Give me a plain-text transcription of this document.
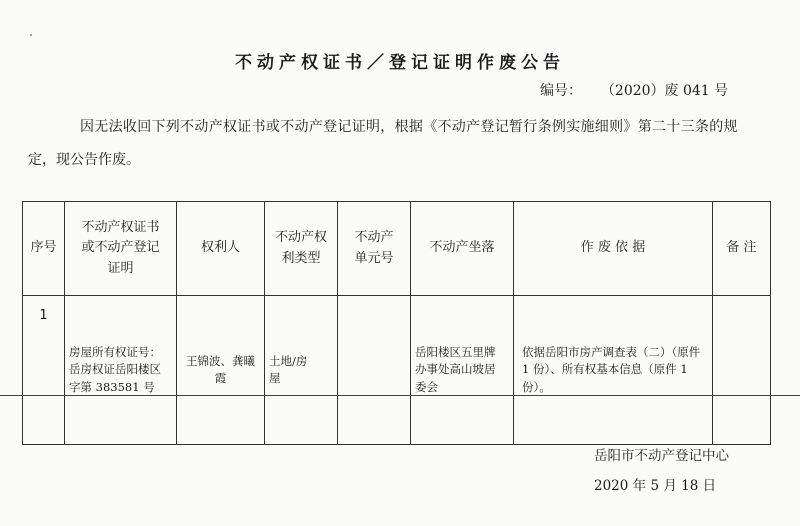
不动产权证书／登记证明作废公告
编号： （2020）废 041 号
因无法收回下列不动产权证书或不动产登记证明，根据《不动产登记暂行条例实施细则》第二十三条的规
定，现公告作废。
序号	不动产权证书或不动产登记证明	权利人	不动产权利类型	不动产单元号	不动产坐落	作 废 依 据	备 注

1	房屋所有权证号：岳房权证岳阳楼区字第 383581 号	王锦波、龚曦霞	土地/房屋		岳阳楼区五里牌办事处高山坡居委会	依据岳阳市房产调查表（二）（原件 1 份）、所有权基本信息（原件 1 份）。	
岳阳市不动产登记中心
2020 年 5 月 18 日
